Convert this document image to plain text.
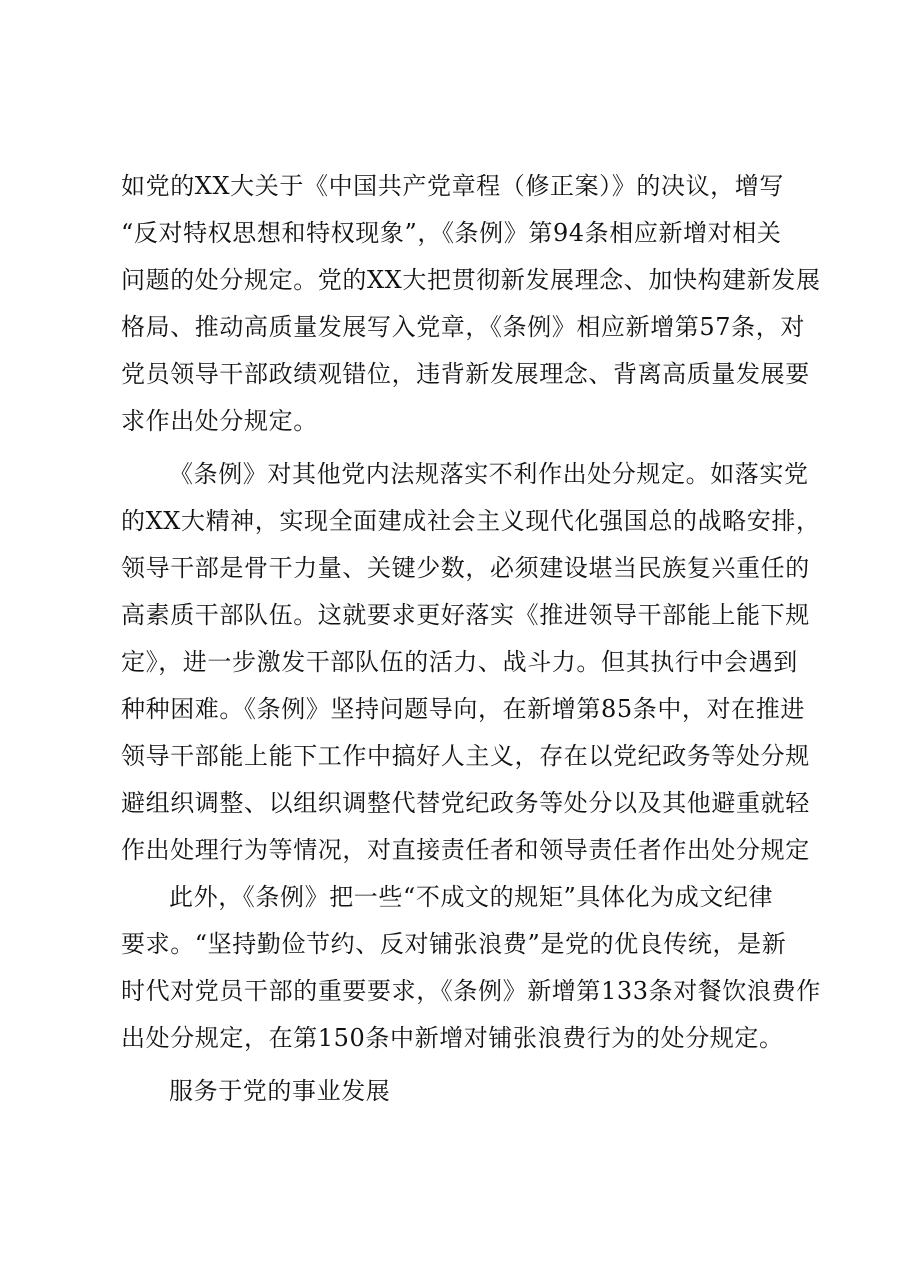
如党的XX大关于《中国共产党章程（修正案）》的决议，增写
“反对特权思想和特权现象”，《条例》第94条相应新增对相关
问题的处分规定。党的XX大把贯彻新发展理念、加快构建新发展
格局、推动高质量发展写入党章，《条例》相应新增第57条，对
党员领导干部政绩观错位，违背新发展理念、背离高质量发展要
求作出处分规定。
《条例》对其他党内法规落实不利作出处分规定。如落实党
的XX大精神，实现全面建成社会主义现代化强国总的战略安排，
领导干部是骨干力量、关键少数，必须建设堪当民族复兴重任的
高素质干部队伍。这就要求更好落实《推进领导干部能上能下规
定》，进一步激发干部队伍的活力、战斗力。但其执行中会遇到
种种困难。《条例》坚持问题导向，在新增第85条中，对在推进
领导干部能上能下工作中搞好人主义，存在以党纪政务等处分规
避组织调整、以组织调整代替党纪政务等处分以及其他避重就轻
作出处理行为等情况，对直接责任者和领导责任者作出处分规定
此外，《条例》把一些“不成文的规矩”具体化为成文纪律
要求。“坚持勤俭节约、反对铺张浪费”是党的优良传统，是新
时代对党员干部的重要要求，《条例》新增第133条对餐饮浪费作
出处分规定，在第150条中新增对铺张浪费行为的处分规定。
服务于党的事业发展
